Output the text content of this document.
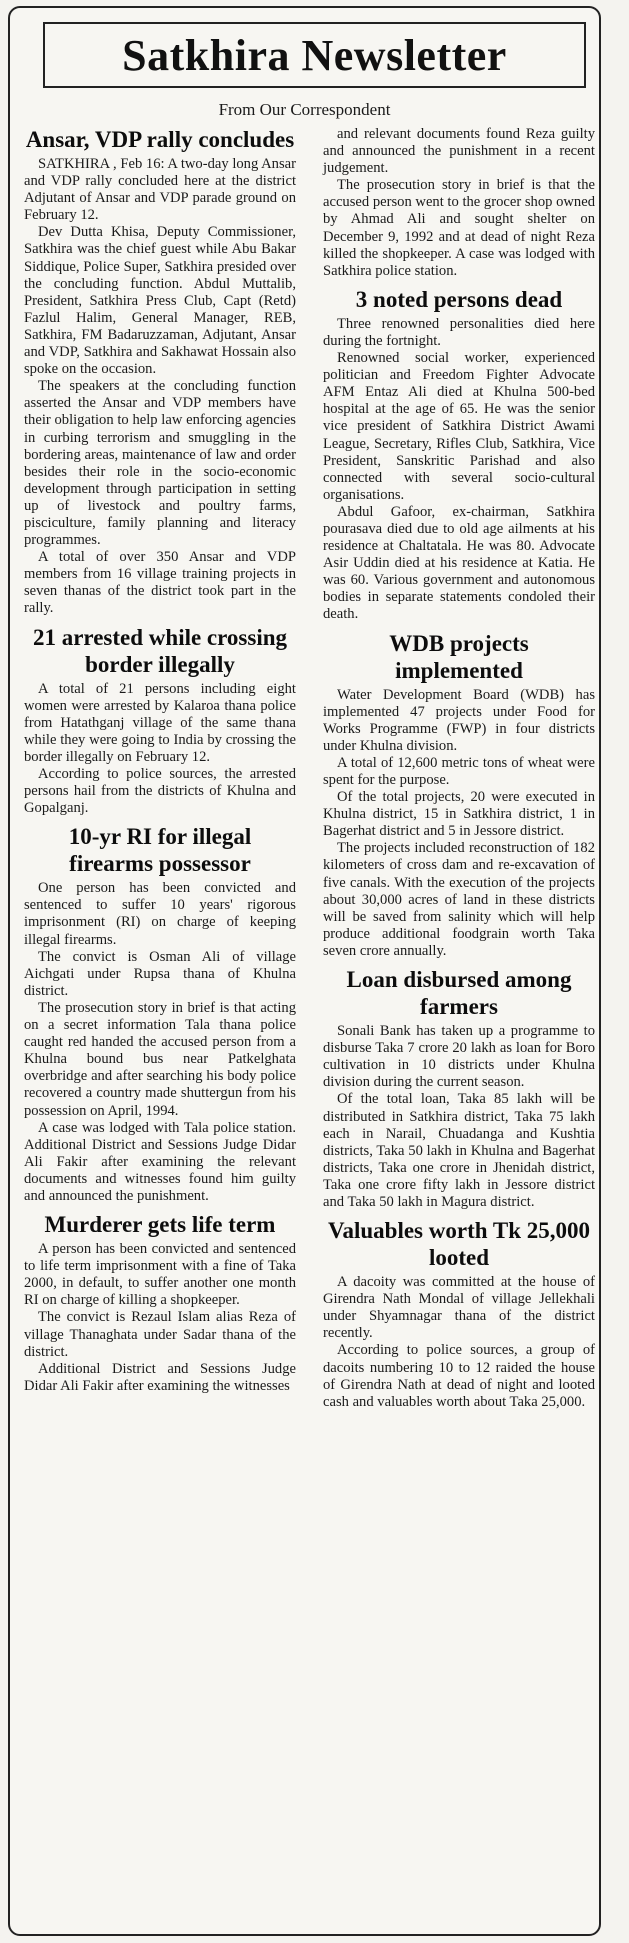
Satkhira Newsletter
From Our Correspondent
Ansar, VDP rally concludes

SATKHIRA , Feb 16: A two-day long Ansar and VDP rally concluded here at the district Adjutant of Ansar and VDP parade ground on February 12.

Dev Dutta Khisa, Deputy Commissioner, Satkhira was the chief guest while Abu Bakar Siddique, Police Super, Satkhira presided over the concluding function. Abdul Muttalib, President, Satkhira Press Club, Capt (Retd) Fazlul Halim, General Manager, REB, Satkhira, FM Badaruzzaman, Adjutant, Ansar and VDP, Satkhira and Sakhawat Hossain also spoke on the occasion.

The speakers at the concluding function asserted the Ansar and VDP members have their obligation to help law enforcing agencies in curbing terrorism and smuggling in the bordering areas, maintenance of law and order besides their role in the socio-economic development through participation in setting up of livestock and poultry farms, pisciculture, family planning and literacy programmes.

A total of over 350 Ansar and VDP members from 16 village training projects in seven thanas of the district took part in the rally.

21 arrested while crossing border illegally

A total of 21 persons including eight women were arrested by Kalaroa thana police from Hatathganj village of the same thana while they were going to India by crossing the border illegally on February 12.

According to police sources, the arrested persons hail from the districts of Khulna and Gopalganj.

10-yr RI for illegal firearms possessor

One person has been convicted and sentenced to suffer 10 years' rigorous imprisonment (RI) on charge of keeping illegal firearms.

The convict is Osman Ali of village Aichgati under Rupsa thana of Khulna district.

The prosecution story in brief is that acting on a secret information Tala thana police caught red handed the accused person from a Khulna bound bus near Patkelghata overbridge and after searching his body police recovered a country made shuttergun from his possession on April, 1994.

A case was lodged with Tala police station. Additional District and Sessions Judge Didar Ali Fakir after examining the relevant documents and witnesses found him guilty and announced the punishment.

Murderer gets life term

A person has been convicted and sentenced to life term imprisonment with a fine of Taka 2000, in default, to suffer another one month RI on charge of killing a shopkeeper.

The convict is Rezaul Islam alias Reza of village Thanaghata under Sadar thana of the district.

Additional District and Sessions Judge Didar Ali Fakir after examining the witnesses

and relevant documents found Reza guilty and announced the punishment in a recent judgement.

The prosecution story in brief is that the accused person went to the grocer shop owned by Ahmad Ali and sought shelter on December 9, 1992 and at dead of night Reza killed the shopkeeper. A case was lodged with Satkhira police station.

3 noted persons dead

Three renowned personalities died here during the fortnight.

Renowned social worker, experienced politician and Freedom Fighter Advocate AFM Entaz Ali died at Khulna 500-bed hospital at the age of 65. He was the senior vice president of Satkhira District Awami League, Secretary, Rifles Club, Satkhira, Vice President, Sanskritic Parishad and also connected with several socio-cultural organisations.

Abdul Gafoor, ex-chairman, Satkhira pourasava died due to old age ailments at his residence at Chaltatala. He was 80. Advocate Asir Uddin died at his residence at Katia. He was 60. Various government and autonomous bodies in separate statements condoled their death.

WDB projects implemented

Water Development Board (WDB) has implemented 47 projects under Food for Works Programme (FWP) in four districts under Khulna division.

A total of 12,600 metric tons of wheat were spent for the purpose.

Of the total projects, 20 were executed in Khulna district, 15 in Satkhira district, 1 in Bagerhat district and 5 in Jessore district.

The projects included reconstruction of 182 kilometers of cross dam and re-excavation of five canals. With the execution of the projects about 30,000 acres of land in these districts will be saved from salinity which will help produce additional foodgrain worth Taka seven crore annually.

Loan disbursed among farmers

Sonali Bank has taken up a programme to disburse Taka 7 crore 20 lakh as loan for Boro cultivation in 10 districts under Khulna division during the current season.

Of the total loan, Taka 85 lakh will be distributed in Satkhira district, Taka 75 lakh each in Narail, Chuadanga and Kushtia districts, Taka 50 lakh in Khulna and Bagerhat districts, Taka one crore in Jhenidah district, Taka one crore fifty lakh in Jessore district and Taka 50 lakh in Magura district.

Valuables worth Tk 25,000 looted

A dacoity was committed at the house of Girendra Nath Mondal of village Jellekhali under Shyamnagar thana of the district recently.

According to police sources, a group of dacoits numbering 10 to 12 raided the house of Girendra Nath at dead of night and looted cash and valuables worth about Taka 25,000.
